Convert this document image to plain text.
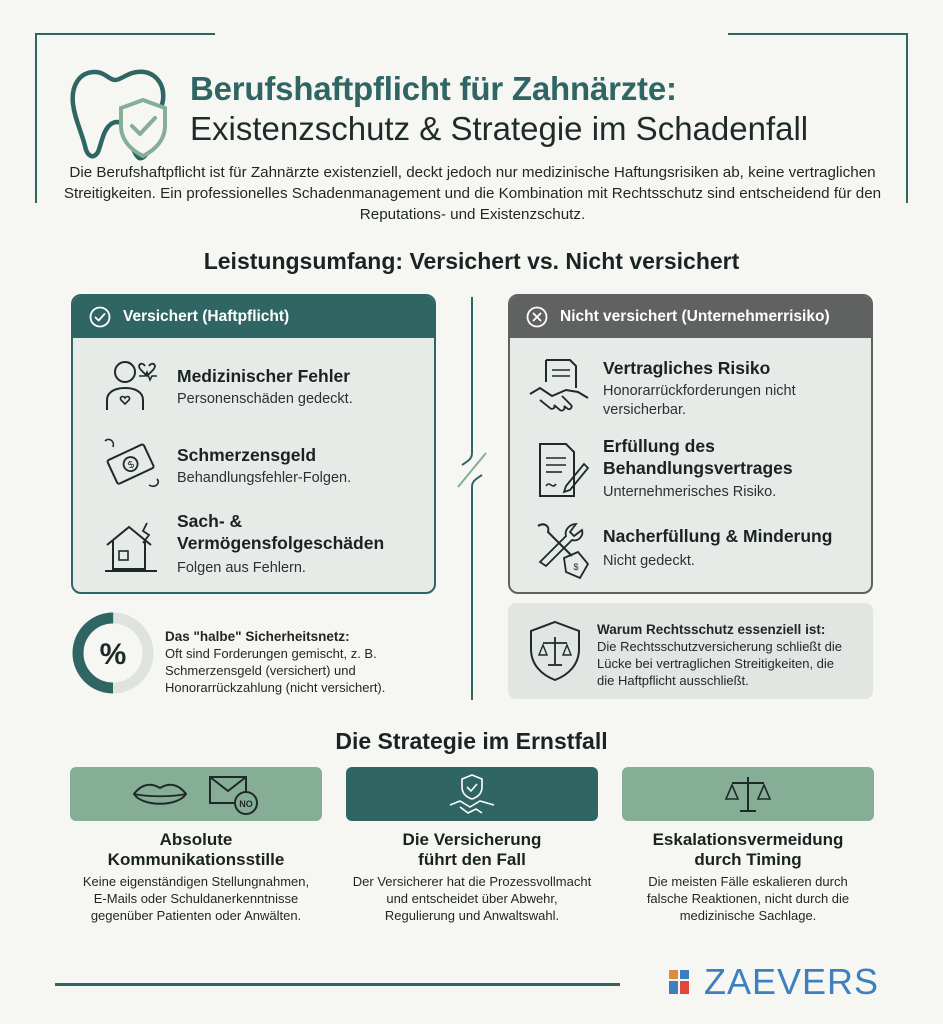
Berufshaftpflicht für Zahnärzte:
Existenzschutz & Strategie im Schadenfall
Die Berufshaftpflicht ist für Zahnärzte existenziell, deckt jedoch nur medizinische Haftungsrisiken ab, keine vertraglichen Streitigkeiten. Ein professionelles Schadenmanagement und die Kombination mit Rechtsschutz sind entscheidend für den Reputations- und Existenzschutz.
Leistungsumfang: Versichert vs. Nicht versichert
Versichert (Haftpflicht)
Medizinischer Fehler
Personenschäden gedeckt.
$
Schmerzensgeld
Behandlungsfehler-Folgen.
Sach- &
Vermögensfolgeschäden
Folgen aus Fehlern.
Nicht versichert (Unternehmerrisiko)
Vertragliches Risiko
Honorarrückforderungen nicht
versicherbar.
Erfüllung des
Behandlungsvertrages
Unternehmerisches Risiko.
$
Nacherfüllung & Minderung
Nicht gedeckt.
%
Das "halbe" Sicherheitsnetz:
Oft sind Forderungen gemischt, z. B.
Schmerzensgeld (versichert) und
Honorarrückzahlung (nicht versichert).
Warum Rechtsschutz essenziell ist:
Die Rechtsschutzversicherung schließt die
Lücke bei vertraglichen Streitigkeiten, die
die Haftpflicht ausschließt.
Die Strategie im Ernstfall
NO
Absolute
Kommunikationsstille
Keine eigenständigen Stellungnahmen,
E-Mails oder Schuldanerkenntnisse
gegenüber Patienten oder Anwälten.
Die Versicherung
führt den Fall
Der Versicherer hat die Prozessvollmacht
und entscheidet über Abwehr,
Regulierung und Anwaltswahl.
Eskalationsvermeidung
durch Timing
Die meisten Fälle eskalieren durch
falsche Reaktionen, nicht durch die
medizinische Sachlage.
ZAEVERS
